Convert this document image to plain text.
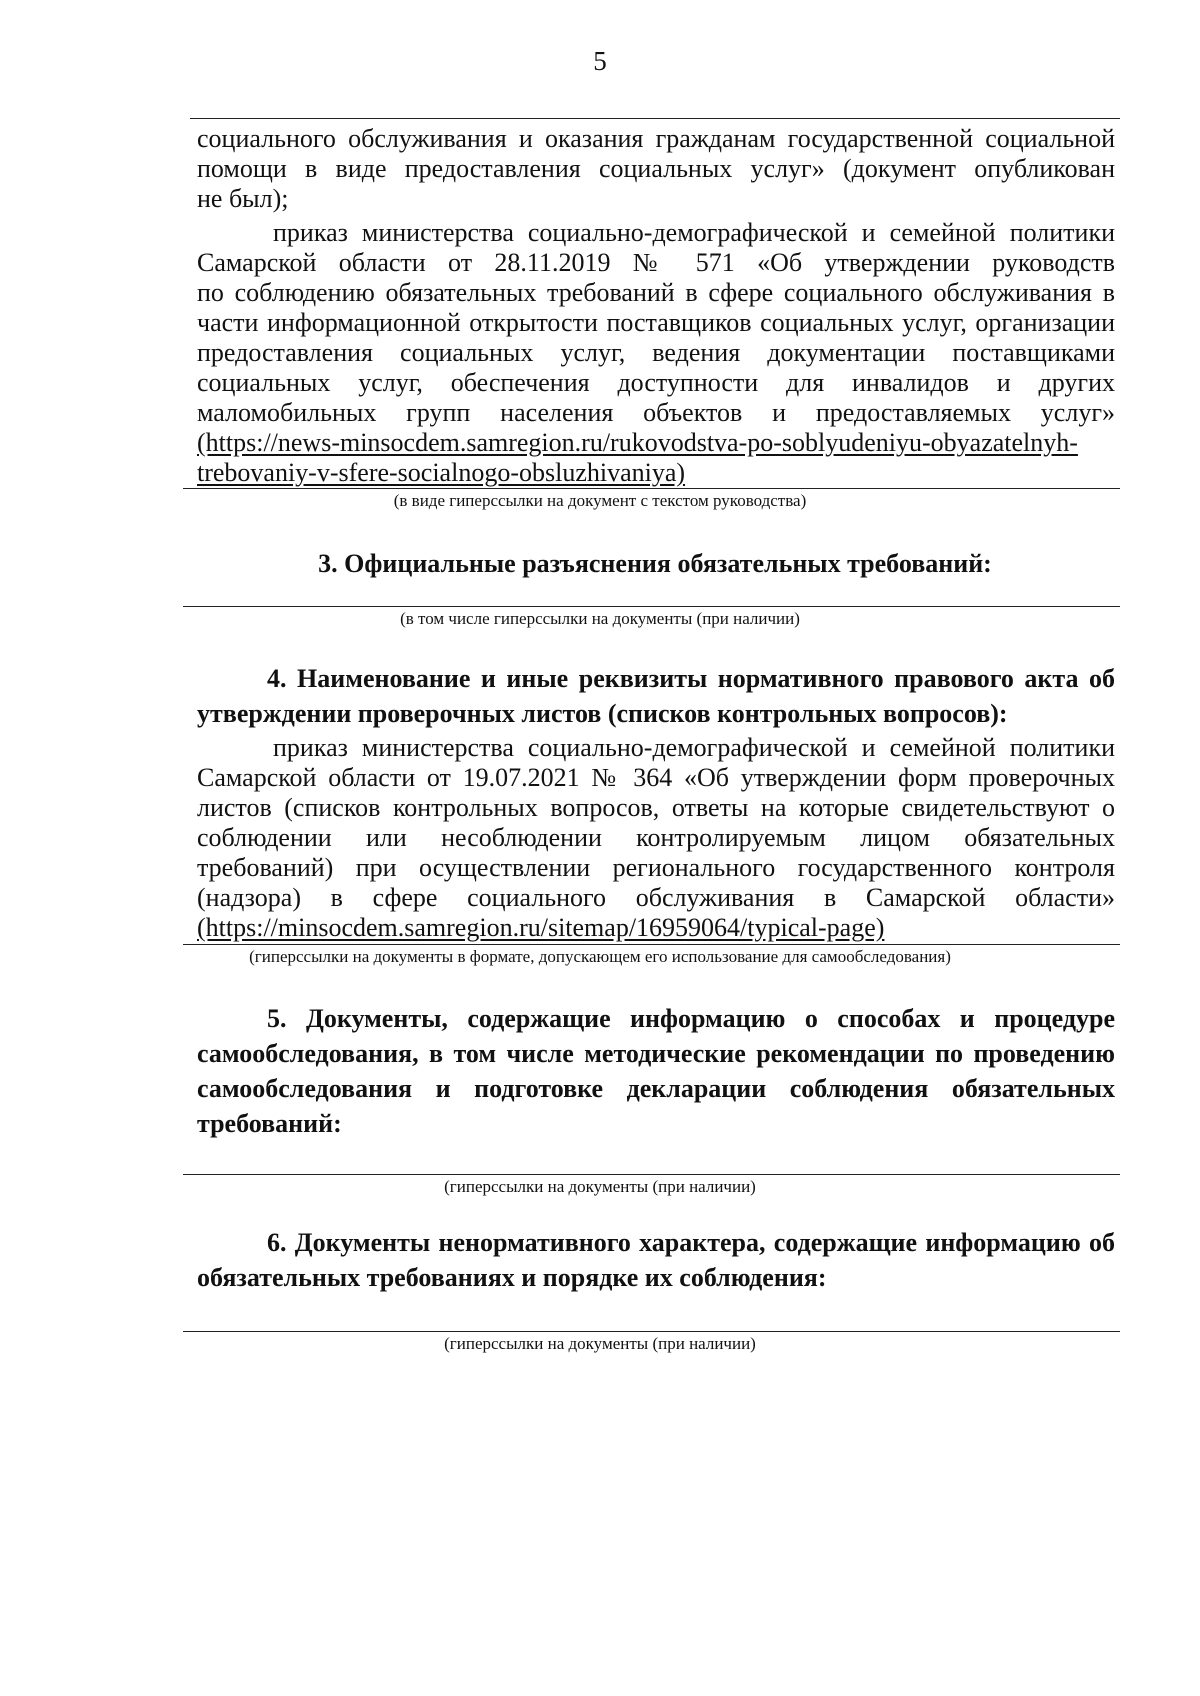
5
социального обслуживания и оказания гражданам государственной социальной
помощи в виде предоставления социальных услуг» (документ опубликован
не был);
приказ министерства социально-демографической и семейной политики
Самарской области от 28.11.2019 № 571 «Об утверждении руководств
по соблюдению обязательных требований в сфере социального обслуживания в
части информационной открытости поставщиков социальных услуг, организации
предоставления социальных услуг, ведения документации поставщиками
социальных услуг, обеспечения доступности для инвалидов и других
маломобильных групп населения объектов и предоставляемых услуг»
(https://news-minsocdem.samregion.ru/rukovodstva-po-soblyudeniyu-obyazatelnyh-
trebovaniy-v-sfere-socialnogo-obsluzhivaniya)
(в виде гиперссылки на документ с текстом руководства)
3. Официальные разъяснения обязательных требований:
(в том числе гиперссылки на документы (при наличии)
4. Наименование и иные реквизиты нормативного правового акта об
утверждении проверочных листов (списков контрольных вопросов):
приказ министерства социально-демографической и семейной политики
Самарской области от 19.07.2021 № 364 «Об утверждении форм проверочных
листов (списков контрольных вопросов, ответы на которые свидетельствуют о
соблюдении или несоблюдении контролируемым лицом обязательных
требований) при осуществлении регионального государственного контроля
(надзора) в сфере социального обслуживания в Самарской области»
(https://minsocdem.samregion.ru/sitemap/16959064/typical-page)
(гиперссылки на документы в формате, допускающем его использование для самообследования)
5. Документы, содержащие информацию о способах и процедуре
самообследования, в том числе методические рекомендации по проведению
самообследования и подготовке декларации соблюдения обязательных
требований:
(гиперссылки на документы (при наличии)
6. Документы ненормативного характера, содержащие информацию об
обязательных требованиях и порядке их соблюдения:
(гиперссылки на документы (при наличии)
